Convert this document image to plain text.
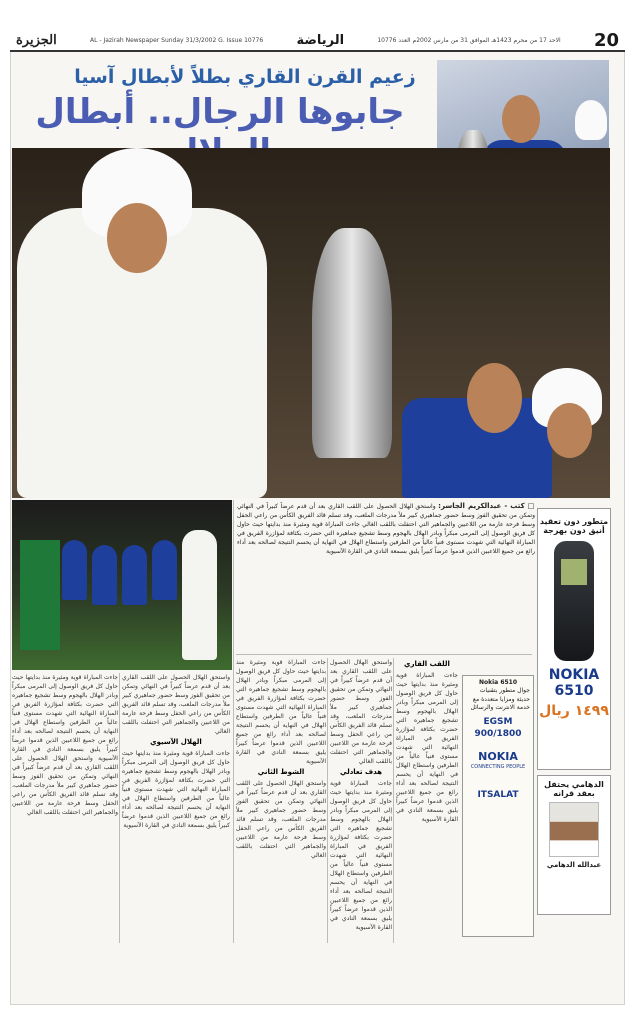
الجزيرة	AL - Jazirah Newspaper Sunday 31/3/2002 G. Issue 10776	الرياضة	الاحد 17 من محرم 1423هـ الموافق 31 من مارس 2002م العدد 10776 20
زعيم القرن القاري بطلاً لأبطال آسيا
جابوها الرجال.. أبطال
□ كتب - عبدالكريم الجاسر: واستحق الهلال الحصول على اللقب القاري بعد أن قدم عرضاً كبيراً في النهائي وتمكن من تحقيق الفوز وسط حضور جماهيري كبير ملأ مدرجات الملعب، وقد تسلم قائد الفريق الكأس من راعي الحفل وسط فرحة عارمة من اللاعبين والجماهير التي احتفلت باللقب الغالي جاءت المباراة قوية ومثيرة منذ بدايتها حيث حاول كل فريق الوصول إلى المرمى مبكراً وبادر الهلال بالهجوم وسط تشجيع جماهيره التي حضرت بكثافة لمؤازرة الفريق في المباراة النهائية التي شهدت مستوى فنياً عالياً من الطرفين واستطاع الهلال في النهاية أن يحسم النتيجة لصالحه بعد أداء رائع من جميع اللاعبين الذين قدموا عرضاً كبيراً يليق بسمعة النادي في القارة الآسيوية
اللقب القاري
جاءت المباراة قوية ومثيرة منذ بدايتها حيث حاول كل فريق الوصول إلى المرمى مبكراً وبادر الهلال بالهجوم وسط تشجيع جماهيره التي حضرت بكثافة لمؤازرة الفريق في المباراة النهائية التي شهدت مستوى فنياً عالياً من الطرفين واستطاع الهلال في النهاية أن يحسم النتيجة لصالحه بعد أداء رائع من جميع اللاعبين الذين قدموا عرضاً كبيراً يليق بسمعة النادي في القارة الآسيوية
واستحق الهلال الحصول على اللقب القاري بعد أن قدم عرضاً كبيراً في النهائي وتمكن من تحقيق الفوز وسط حضور جماهيري كبير ملأ مدرجات الملعب، وقد تسلم قائد الفريق الكأس من راعي الحفل وسط فرحة عارمة من اللاعبين والجماهير التي احتفلت باللقب الغالي
هدف تعادلي
جاءت المباراة قوية ومثيرة منذ بدايتها حيث حاول كل فريق الوصول إلى المرمى مبكراً وبادر الهلال بالهجوم وسط تشجيع جماهيره التي حضرت بكثافة لمؤازرة الفريق في المباراة النهائية التي شهدت مستوى فنياً عالياً من الطرفين واستطاع الهلال في النهاية أن يحسم النتيجة لصالحه بعد أداء رائع من جميع اللاعبين الذين قدموا عرضاً كبيراً يليق بسمعة النادي في القارة الآسيوية
جاءت المباراة قوية ومثيرة منذ بدايتها حيث حاول كل فريق الوصول إلى المرمى مبكراً وبادر الهلال بالهجوم وسط تشجيع جماهيره التي حضرت بكثافة لمؤازرة الفريق في المباراة النهائية التي شهدت مستوى فنياً عالياً من الطرفين واستطاع الهلال في النهاية أن يحسم النتيجة لصالحه بعد أداء رائع من جميع اللاعبين الذين قدموا عرضاً كبيراً يليق بسمعة النادي في القارة الآسيوية
الشوط الثاني
واستحق الهلال الحصول على اللقب القاري بعد أن قدم عرضاً كبيراً في النهائي وتمكن من تحقيق الفوز وسط حضور جماهيري كبير ملأ مدرجات الملعب، وقد تسلم قائد الفريق الكأس من راعي الحفل وسط فرحة عارمة من اللاعبين والجماهير التي احتفلت باللقب الغالي
واستحق الهلال الحصول على اللقب القاري بعد أن قدم عرضاً كبيراً في النهائي وتمكن من تحقيق الفوز وسط حضور جماهيري كبير ملأ مدرجات الملعب، وقد تسلم قائد الفريق الكأس من راعي الحفل وسط فرحة عارمة من اللاعبين والجماهير التي احتفلت باللقب الغالي
الهلال الآسيوي
جاءت المباراة قوية ومثيرة منذ بدايتها حيث حاول كل فريق الوصول إلى المرمى مبكراً وبادر الهلال بالهجوم وسط تشجيع جماهيره التي حضرت بكثافة لمؤازرة الفريق في المباراة النهائية التي شهدت مستوى فنياً عالياً من الطرفين واستطاع الهلال في النهاية أن يحسم النتيجة لصالحه بعد أداء رائع من جميع اللاعبين الذين قدموا عرضاً كبيراً يليق بسمعة النادي في القارة الآسيوية
جاءت المباراة قوية ومثيرة منذ بدايتها حيث حاول كل فريق الوصول إلى المرمى مبكراً وبادر الهلال بالهجوم وسط تشجيع جماهيره التي حضرت بكثافة لمؤازرة الفريق في المباراة النهائية التي شهدت مستوى فنياً عالياً من الطرفين واستطاع الهلال في النهاية أن يحسم النتيجة لصالحه بعد أداء رائع من جميع اللاعبين الذين قدموا عرضاً كبيراً يليق بسمعة النادي في القارة الآسيوية واستحق الهلال الحصول على اللقب القاري بعد أن قدم عرضاً كبيراً في النهائي وتمكن من تحقيق الفوز وسط حضور جماهيري كبير ملأ مدرجات الملعب، وقد تسلم قائد الفريق الكأس من راعي الحفل وسط فرحة عارمة من اللاعبين والجماهير التي احتفلت باللقب الغالي
متطور دون تعقيد
أنيق دون بهرجة
NOKIA
6510
١٤٩٩ ريال
Nokia 6510
جوال متطور بتقنيات حديثة ومزايا متعددة مع خدمة الانترنت والرسائل
EGSM 900/1800
NOKIA
CONNECTING PEOPLE
ITSALAT
الدهامي يحتفل بعقد قرانه
عبدالله الدهامي
